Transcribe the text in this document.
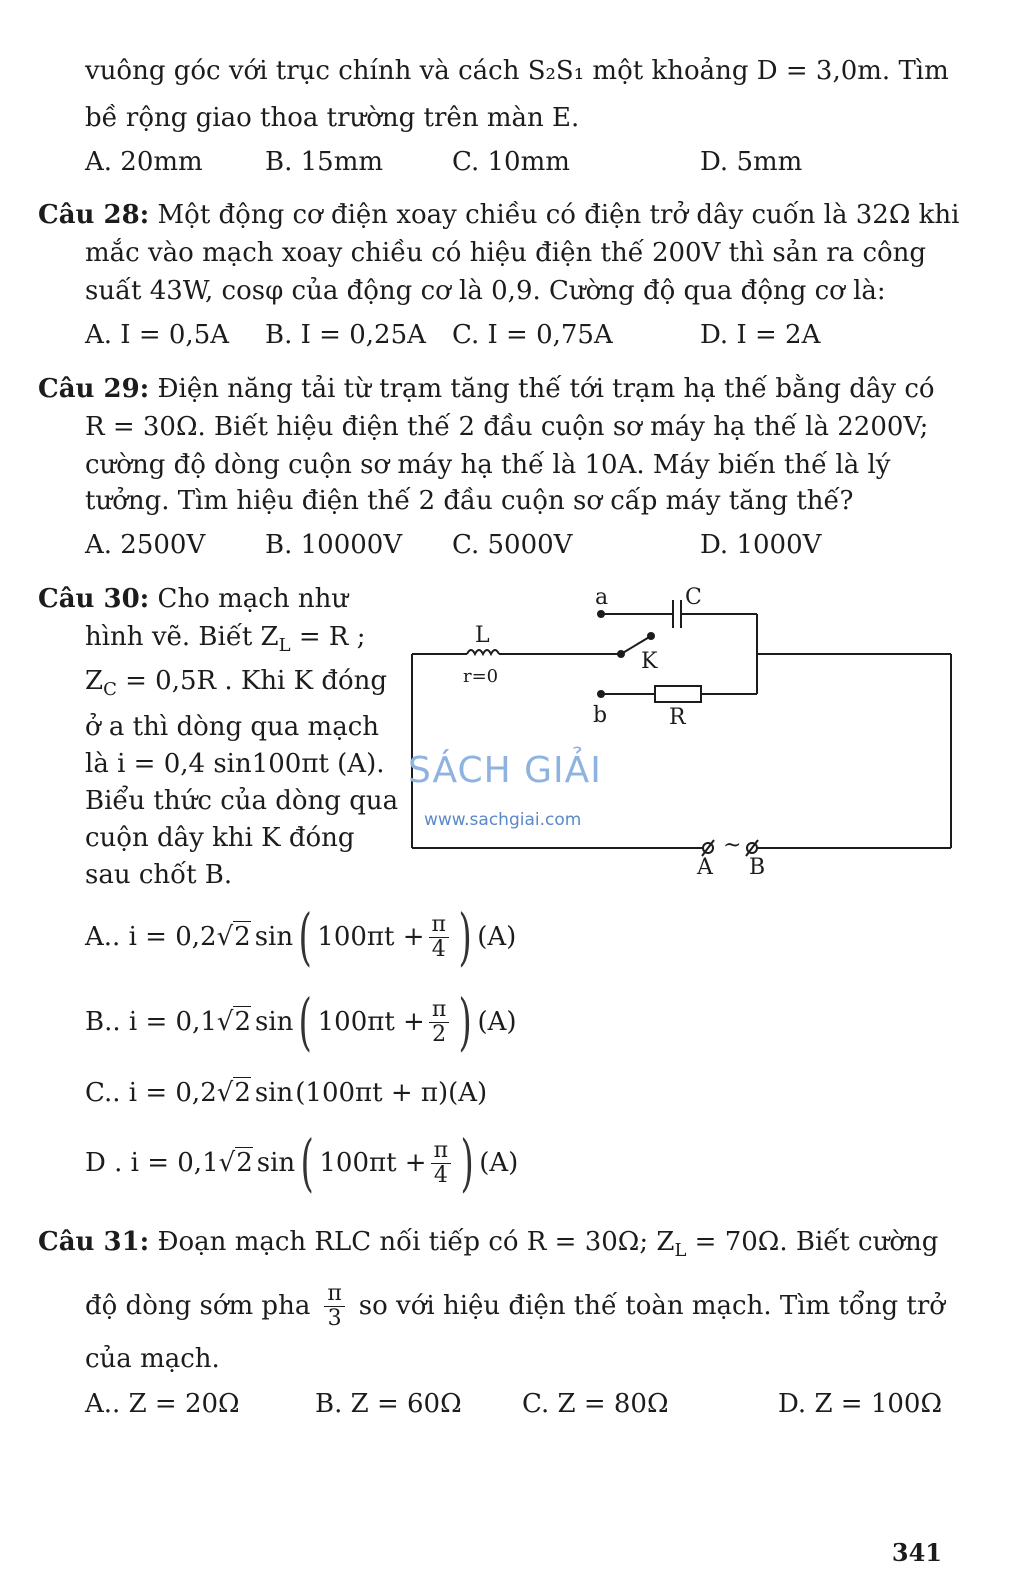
vuông góc với trục chính và cách S₂S₁ một khoảng D = 3,0m. Tìm
bề rộng giao thoa trường trên màn E.
A. 20mm B. 15mm	C. 10mm	D. 5mm
Câu 28: Một động cơ điện xoay chiều có điện trở dây cuốn là 32Ω khi
mắc vào mạch xoay chiều có hiệu điện thế 200V thì sản ra công
suất 43W, cosφ của động cơ là 0,9. Cường độ qua động cơ là:
A. I = 0,5A B. I = 0,25A C. I = 0,75A	D. I = 2A
Câu 29: Điện năng tải từ trạm tăng thế tới trạm hạ thế bằng dây có
R = 30Ω. Biết hiệu điện thế 2 đầu cuộn sơ máy hạ thế là 2200V;
cường độ dòng cuộn sơ máy hạ thế là 10A. Máy biến thế là lý
tưởng. Tìm hiệu điện thế 2 đầu cuộn sơ cấp máy tăng thế?
A. 2500V B. 10000V C. 5000V	D. 1000V
Câu 30: Cho mạch như
hình vẽ. Biết $Z_L = R$ ;
$Z_C = 0,5R$ . Khi K đóng
ở a thì dòng qua mạch
là i = 0,4 sin100πt (A).
Biểu thức của dòng qua
cuộn dây khi K đóng
sau chốt B.
a	C
L
r=0
K
b	R
~
A B
SÁCH GIẢI
www.sachgiai.com
A.. i = 0,2 √2 sin ( $100\pi t + \frac{\pi}{4}$ ) (A)
B.. i = 0,1 √2 sin ( $100\pi t + \frac{\pi}{2}$ ) (A)
C.. i = 0,2 √2 sin (100πt + π)(A)
D . i = 0,1 √2 sin ( $100\pi t + \frac{\pi}{4}$ ) (A)
Câu 31: Đoạn mạch RLC nối tiếp có R = 30Ω; $Z_L = 70\Omega$. Biết cường
độ dòng sớm pha $\frac{\pi}{3}$ so với hiệu điện thế toàn mạch. Tìm tổng trở
của mạch.
A.. Z = 20Ω	B. Z = 60Ω C. Z = 80Ω	D. Z = 100Ω
341
